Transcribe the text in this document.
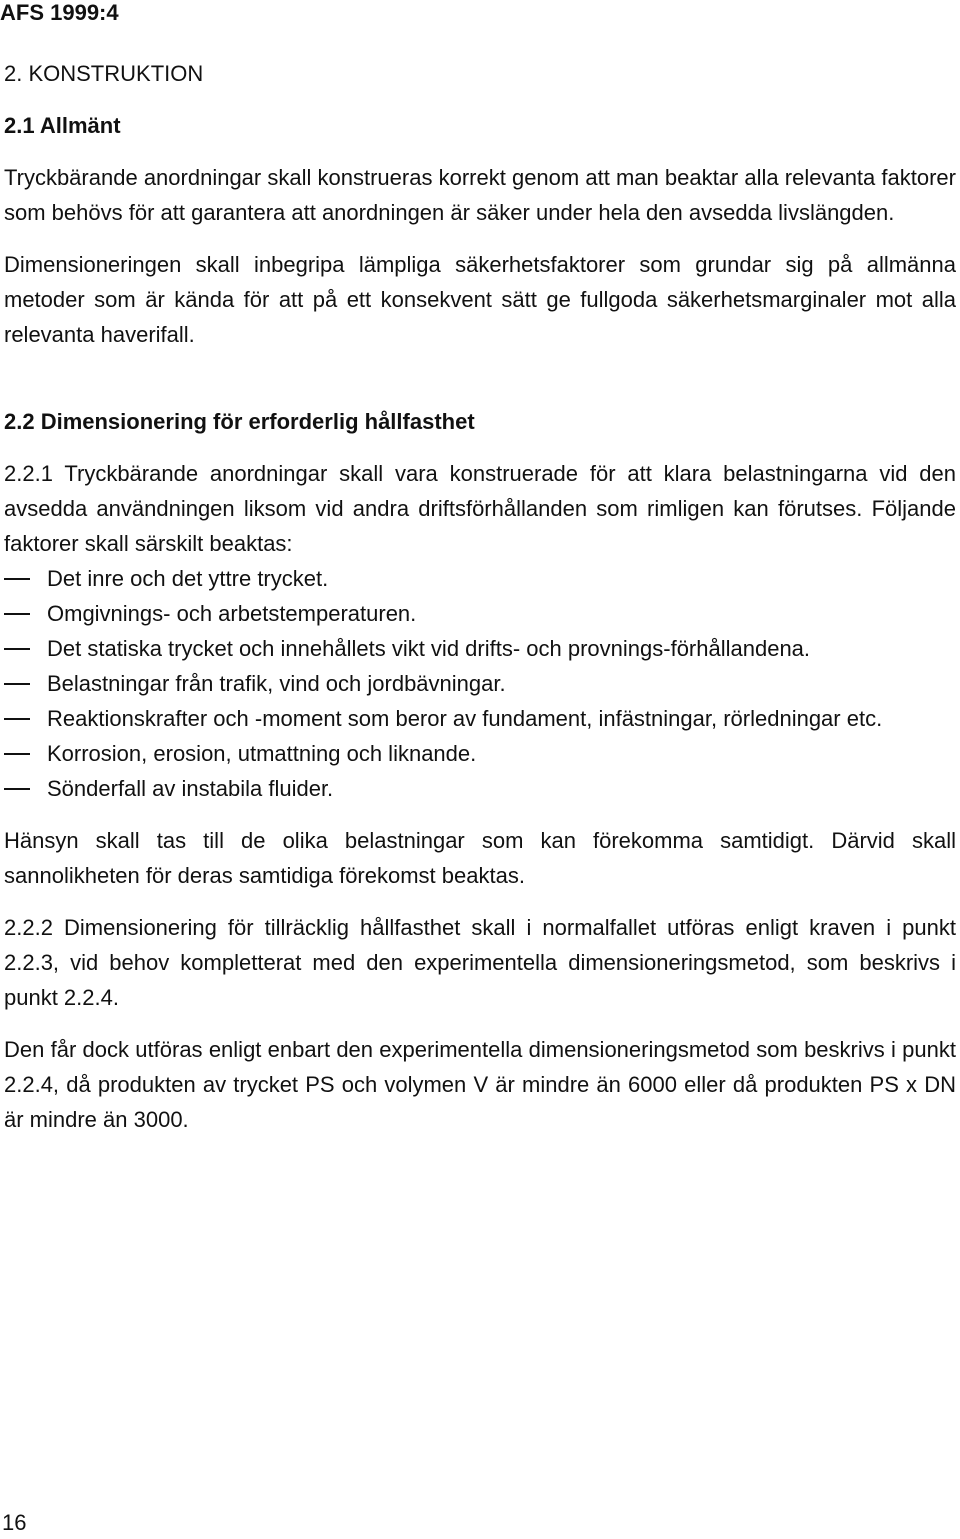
AFS 1999:4
2. KONSTRUKTION
2.1 Allmänt

Tryckbärande anordningar skall konstrueras korrekt genom att man beaktar alla relevanta faktorer som behövs för att garantera att anordningen är säker under hela den avsedda livslängden.

Dimensioneringen skall inbegripa lämpliga säkerhetsfaktorer som grundar sig på allmänna metoder som är kända för att på ett konsekvent sätt ge fullgoda säkerhetsmarginaler mot alla relevanta haverifall.

2.2 Dimensionering för erforderlig hållfasthet

2.2.1 Tryckbärande anordningar skall vara konstruerade för att klara belastningarna vid den avsedda användningen liksom vid andra driftsförhållanden som rimligen kan förutses. Följande faktorer skall särskilt beaktas:

Det inre och det yttre trycket.
Omgivnings- och arbetstemperaturen.
Det statiska trycket och innehållets vikt vid drifts- och provnings-förhållandena.
Belastningar från trafik, vind och jordbävningar.
Reaktionskrafter och -moment som beror av fundament, infästningar, rörledningar etc.
Korrosion, erosion, utmattning och liknande.
Sönderfall av instabila fluider.

Hänsyn skall tas till de olika belastningar som kan förekomma samtidigt. Därvid skall sannolikheten för deras samtidiga förekomst beaktas.

2.2.2 Dimensionering för tillräcklig hållfasthet skall i normalfallet utföras enligt kraven i punkt 2.2.3, vid behov kompletterat med den experimentella dimensioneringsmetod, som beskrivs i punkt 2.2.4.

Den får dock utföras enligt enbart den experimentella dimensioneringsmetod som beskrivs i punkt 2.2.4, då produkten av trycket PS och volymen V är mindre än 6000 eller då produkten PS x DN är mindre än 3000.

16
